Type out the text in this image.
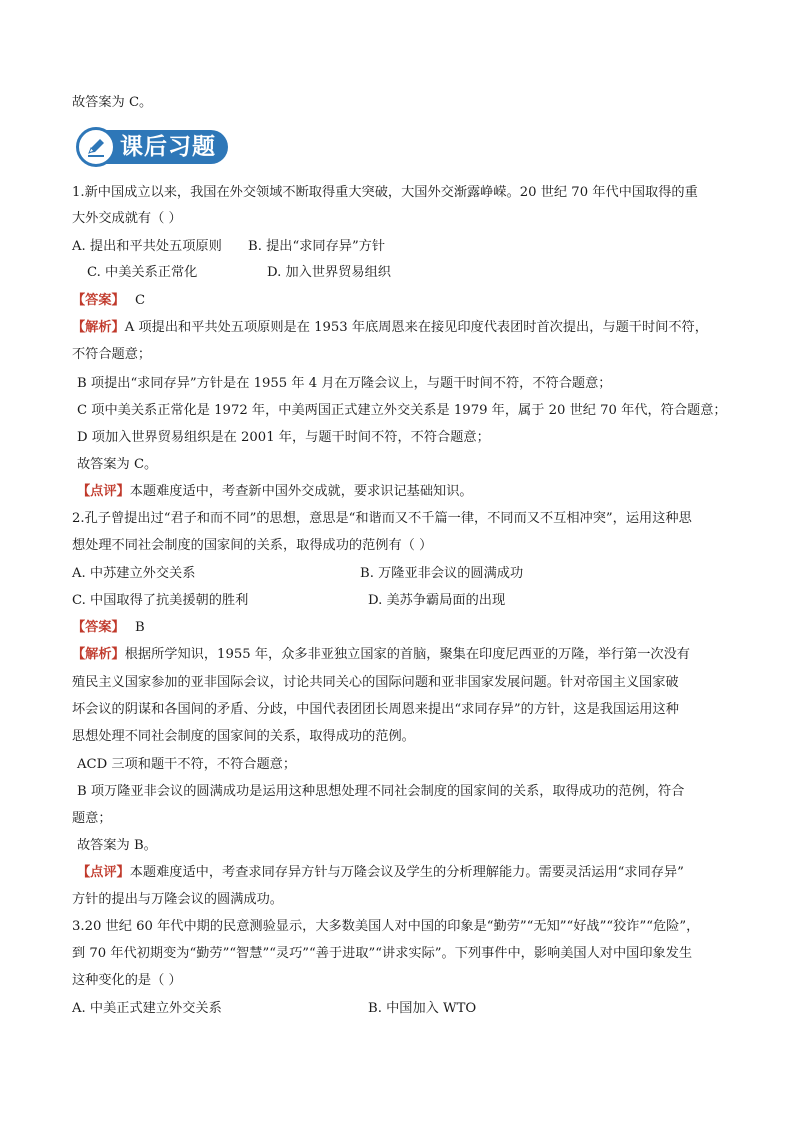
故答案为 C。
课后习题
1.新中国成立以来，我国在外交领域不断取得重大突破，大国外交渐露峥嵘。20 世纪 70 年代中国取得的重
大外交成就有（ ）
A. 提出和平共处五项原则 B. 提出“求同存异”方针
C. 中美关系正常化	D. 加入世界贸易组织
【答案】 C
【解析】A 项提出和平共处五项原则是在 1953 年底周恩来在接见印度代表团时首次提出，与题干时间不符，
不符合题意；
B 项提出“求同存异”方针是在 1955 年 4 月在万隆会议上，与题干时间不符，不符合题意；
C 项中美关系正常化是 1972 年，中美两国正式建立外交关系是 1979 年，属于 20 世纪 70 年代，符合题意；
D 项加入世界贸易组织是在 2001 年，与题干时间不符，不符合题意；
故答案为 C。
【点评】本题难度适中，考查新中国外交成就，要求识记基础知识。
2.孔子曾提出过“君子和而不同”的思想，意思是“和谐而又不千篇一律，不同而又不互相冲突”，运用这种思
想处理不同社会制度的国家间的关系，取得成功的范例有（ ）
A. 中苏建立外交关系	B. 万隆亚非会议的圆满成功
C. 中国取得了抗美援朝的胜利	D. 美苏争霸局面的出现
【答案】 B
【解析】根据所学知识，1955 年，众多非亚独立国家的首脑，聚集在印度尼西亚的万隆，举行第一次没有
殖民主义国家参加的亚非国际会议，讨论共同关心的国际问题和亚非国家发展问题。针对帝国主义国家破
坏会议的阴谋和各国间的矛盾、分歧，中国代表团团长周恩来提出“求同存异”的方针，这是我国运用这种
思想处理不同社会制度的国家间的关系，取得成功的范例。
ACD 三项和题干不符，不符合题意；
B 项万隆亚非会议的圆满成功是运用这种思想处理不同社会制度的国家间的关系，取得成功的范例，符合
题意；
故答案为 B。
【点评】本题难度适中，考查求同存异方针与万隆会议及学生的分析理解能力。需要灵活运用“求同存异”
方针的提出与万隆会议的圆满成功。
3.20 世纪 60 年代中期的民意测验显示，大多数美国人对中国的印象是“勤劳”“无知”“好战”“狡诈”“危险”，
到 70 年代初期变为“勤劳”“智慧”“灵巧”“善于进取”“讲求实际”。下列事件中，影响美国人对中国印象发生
这种变化的是（ ）
A. 中美正式建立外交关系	B. 中国加入 WTO
